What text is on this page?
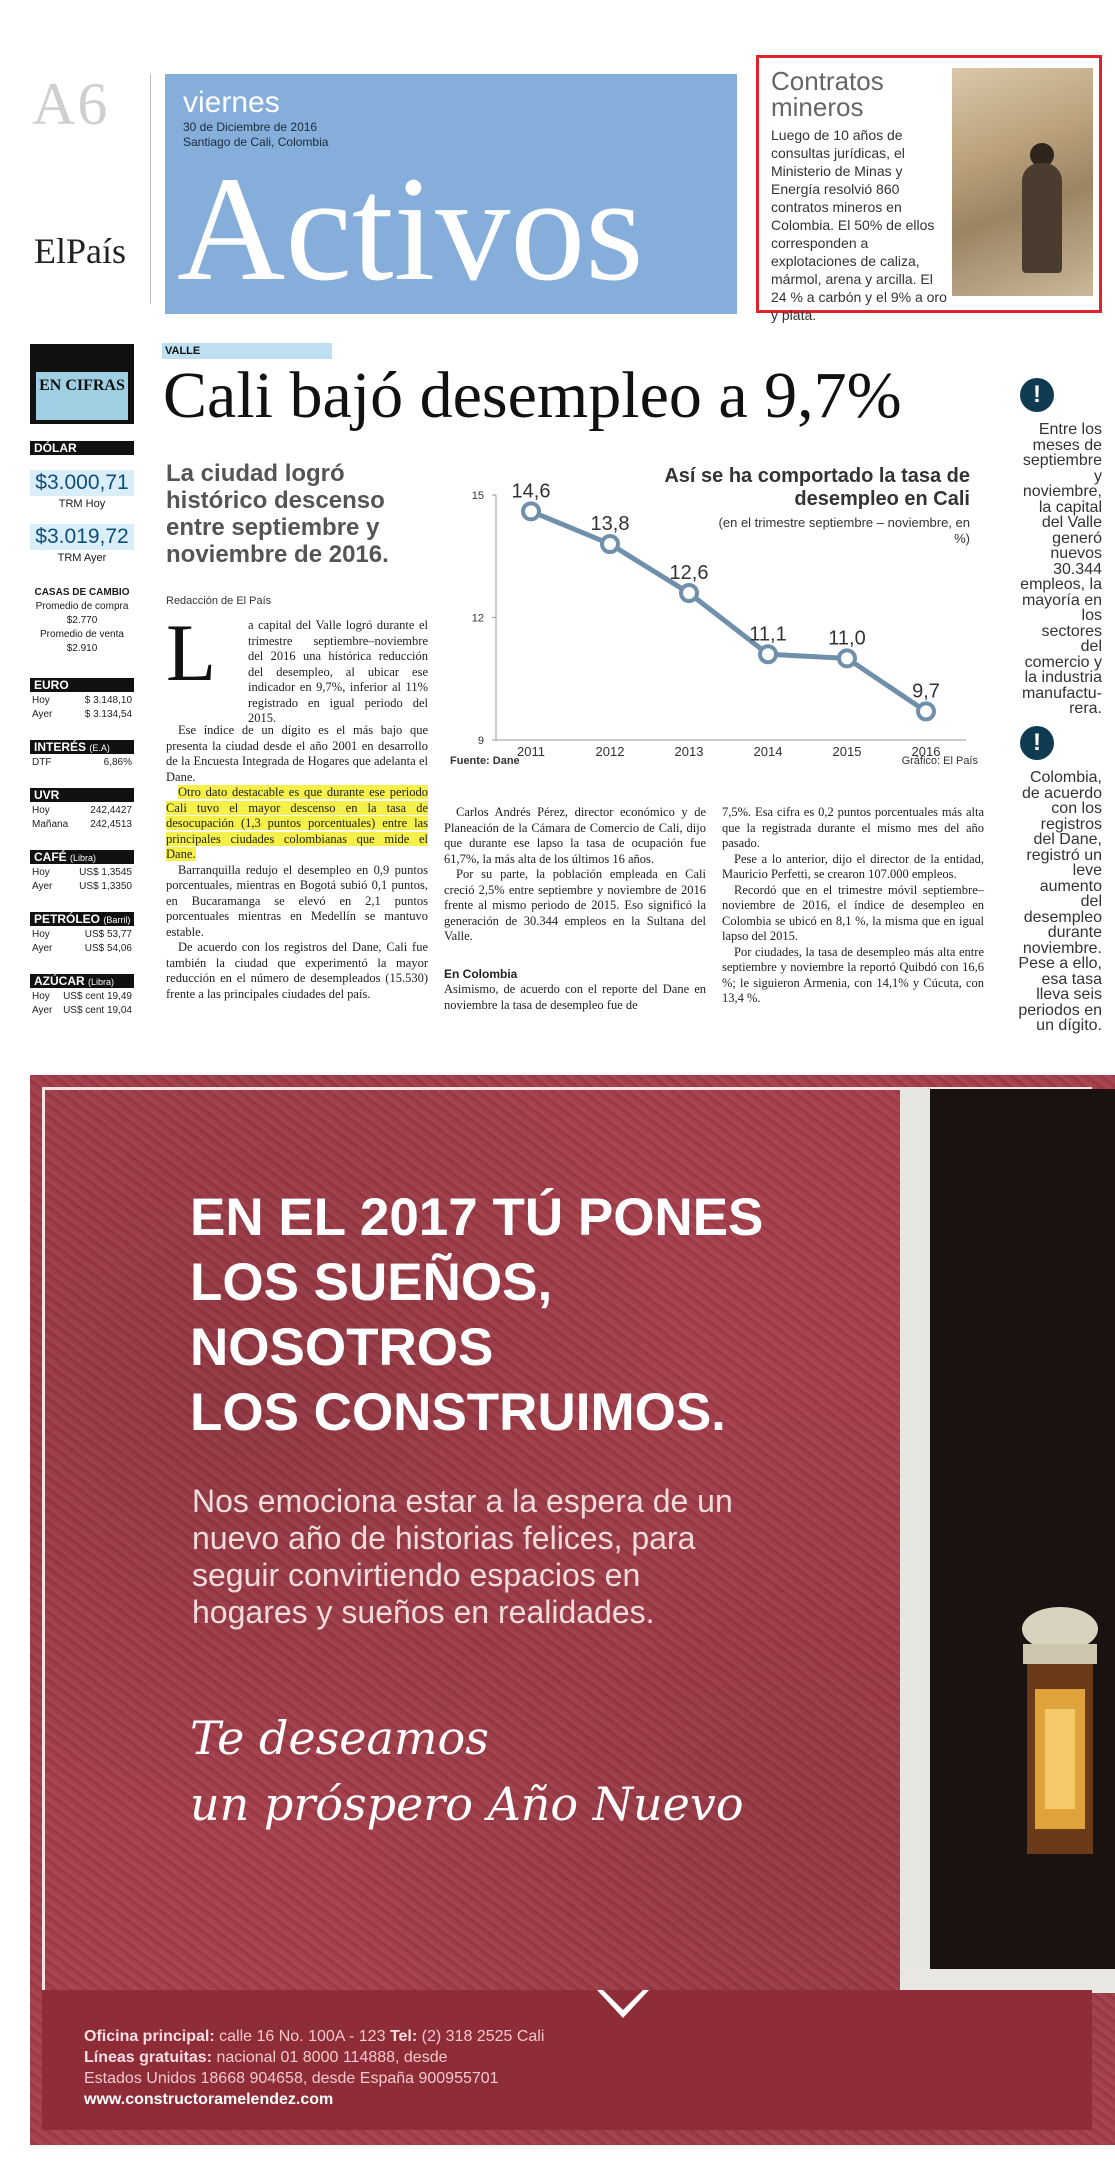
A6
ElPaís
viernes
30 de Diciembre de 2016
Santiago de Cali, Colombia
Activos
Contratos mineros
Luego de 10 años de consultas jurídicas, el Ministerio de Minas y Energía resolvió 860 contratos mineros en Colombia. El 50% de ellos corresponden a explotaciones de caliza, mármol, arena y arcilla. El 24 % a carbón y el 9% a oro y plata.
EN CIFRAS
DÓLAR
$3.000,71
TRM Hoy
$3.019,72
TRM Ayer
CASAS DE CAMBIO
Promedio de compra
$2.770
Promedio de venta
$2.910
EURO
Hoy	$ 3.148,10
Ayer	$ 3.134,54
INTERÉS (E.A)
DTF	6,86%
UVR
Hoy	242,4427
Mañana 242,4513
CAFÉ (Libra)
Hoy	US$ 1,3545
Ayer	US$ 1,3350
PETRÓLEO (Barril)
Hoy	US$ 53,77
Ayer	US$ 54,06
AZÚCAR (Libra)
Hoy US$ cent 19,49
Ayer US$ cent 19,04
VALLE
Cali bajó desempleo a 9,7%
La ciudad logró histórico descenso entre septiembre y noviembre de 2016.
Redacción de El País
L	a capital del Valle logró durante el trimestre septiembre–noviembre del 2016 una histórica reducción del desempleo, al ubicar ese indicador en 9,7%, inferior al 11% registrado en igual periodo del 2015.

Ese índice de un dígito es el más bajo que presenta la ciudad desde el año 2001 en desarrollo de la Encuesta Integrada de Hogares que adelanta el Dane.

Otro dato destacable es que durante ese periodo Cali tuvo el mayor descenso en la tasa de desocupación (1,3 puntos porcentuales) entre las principales ciudades colombianas que mide el Dane.

Barranquilla redujo el desempleo en 0,9 puntos porcentuales, mientras en Bogotá subió 0,1 puntos, en Bucaramanga se elevó en 2,1 puntos porcentuales mientras en Medellín se mantuvo estable.

De acuerdo con los registros del Dane, Cali fue también la ciudad que experimentó la mayor reducción en el número de desempleados (15.530) frente a las principales ciudades del país.

Carlos Andrés Pérez, director económico y de Planeación de la Cámara de Comercio de Cali, dijo que durante ese lapso la tasa de ocupación fue 61,7%, la más alta de los últimos 16 años.

Por su parte, la población empleada en Cali creció 2,5% entre septiembre y noviembre de 2016 frente al mismo periodo de 2015. Eso significó la generación de 30.344 empleos en la Sultana del Valle.

En Colombia

Asimismo, de acuerdo con el reporte del Dane en noviembre la tasa de desempleo fue de

7,5%. Esa cifra es 0,2 puntos porcentuales más alta que la registrada durante el mismo mes del año pasado.

Pese a lo anterior, dijo el director de la entidad, Mauricio Perfetti, se crearon 107.000 empleos.

Recordó que en el trimestre móvil septiembre–noviembre de 2016, el índice de desempleo en Colombia se ubicó en 8,1 %, la misma que en igual lapso del 2015.

Por ciudades, la tasa de desempleo más alta entre septiembre y noviembre la reportó Quibdó con 16,6 %; le siguieron Armenia, con 14,1% y Cúcuta, con 13,4 %.

15
12
9
2011	2012	2013	2014	2015	2016
14,6
13,8
12,6
11,1 11,0
9,7
Así se ha comportado la tasa de desempleo en Cali
(en el trimestre septiembre – noviembre, en %)
Fuente: Dane	Gráfico: El País
!
Entre los meses de septiembre y noviembre, la capital del Valle generó nuevos 30.344 empleos, la mayoría en los sectores del comercio y la industria manufactu-rera.
!
Colombia, de acuerdo con los registros del Dane, registró un leve aumento del desempleo durante noviembre. Pese a ello, esa tasa lleva seis periodos en un dígito.
EN EL 2017 TÚ PONES
LOS SUEÑOS,
NOSOTROS
LOS CONSTRUIMOS.
Nos emociona estar a la espera de un nuevo año de historias felices, para seguir convirtiendo espacios en hogares y sueños en realidades.
Te deseamos
un próspero Año Nuevo
Oficina principal: calle 16 No. 100A - 123 Tel: (2) 318 2525 Cali
Líneas gratuitas: nacional 01 8000 114888, desde
Estados Unidos 18668 904658, desde España 900955701
www.constructoramelendez.com
